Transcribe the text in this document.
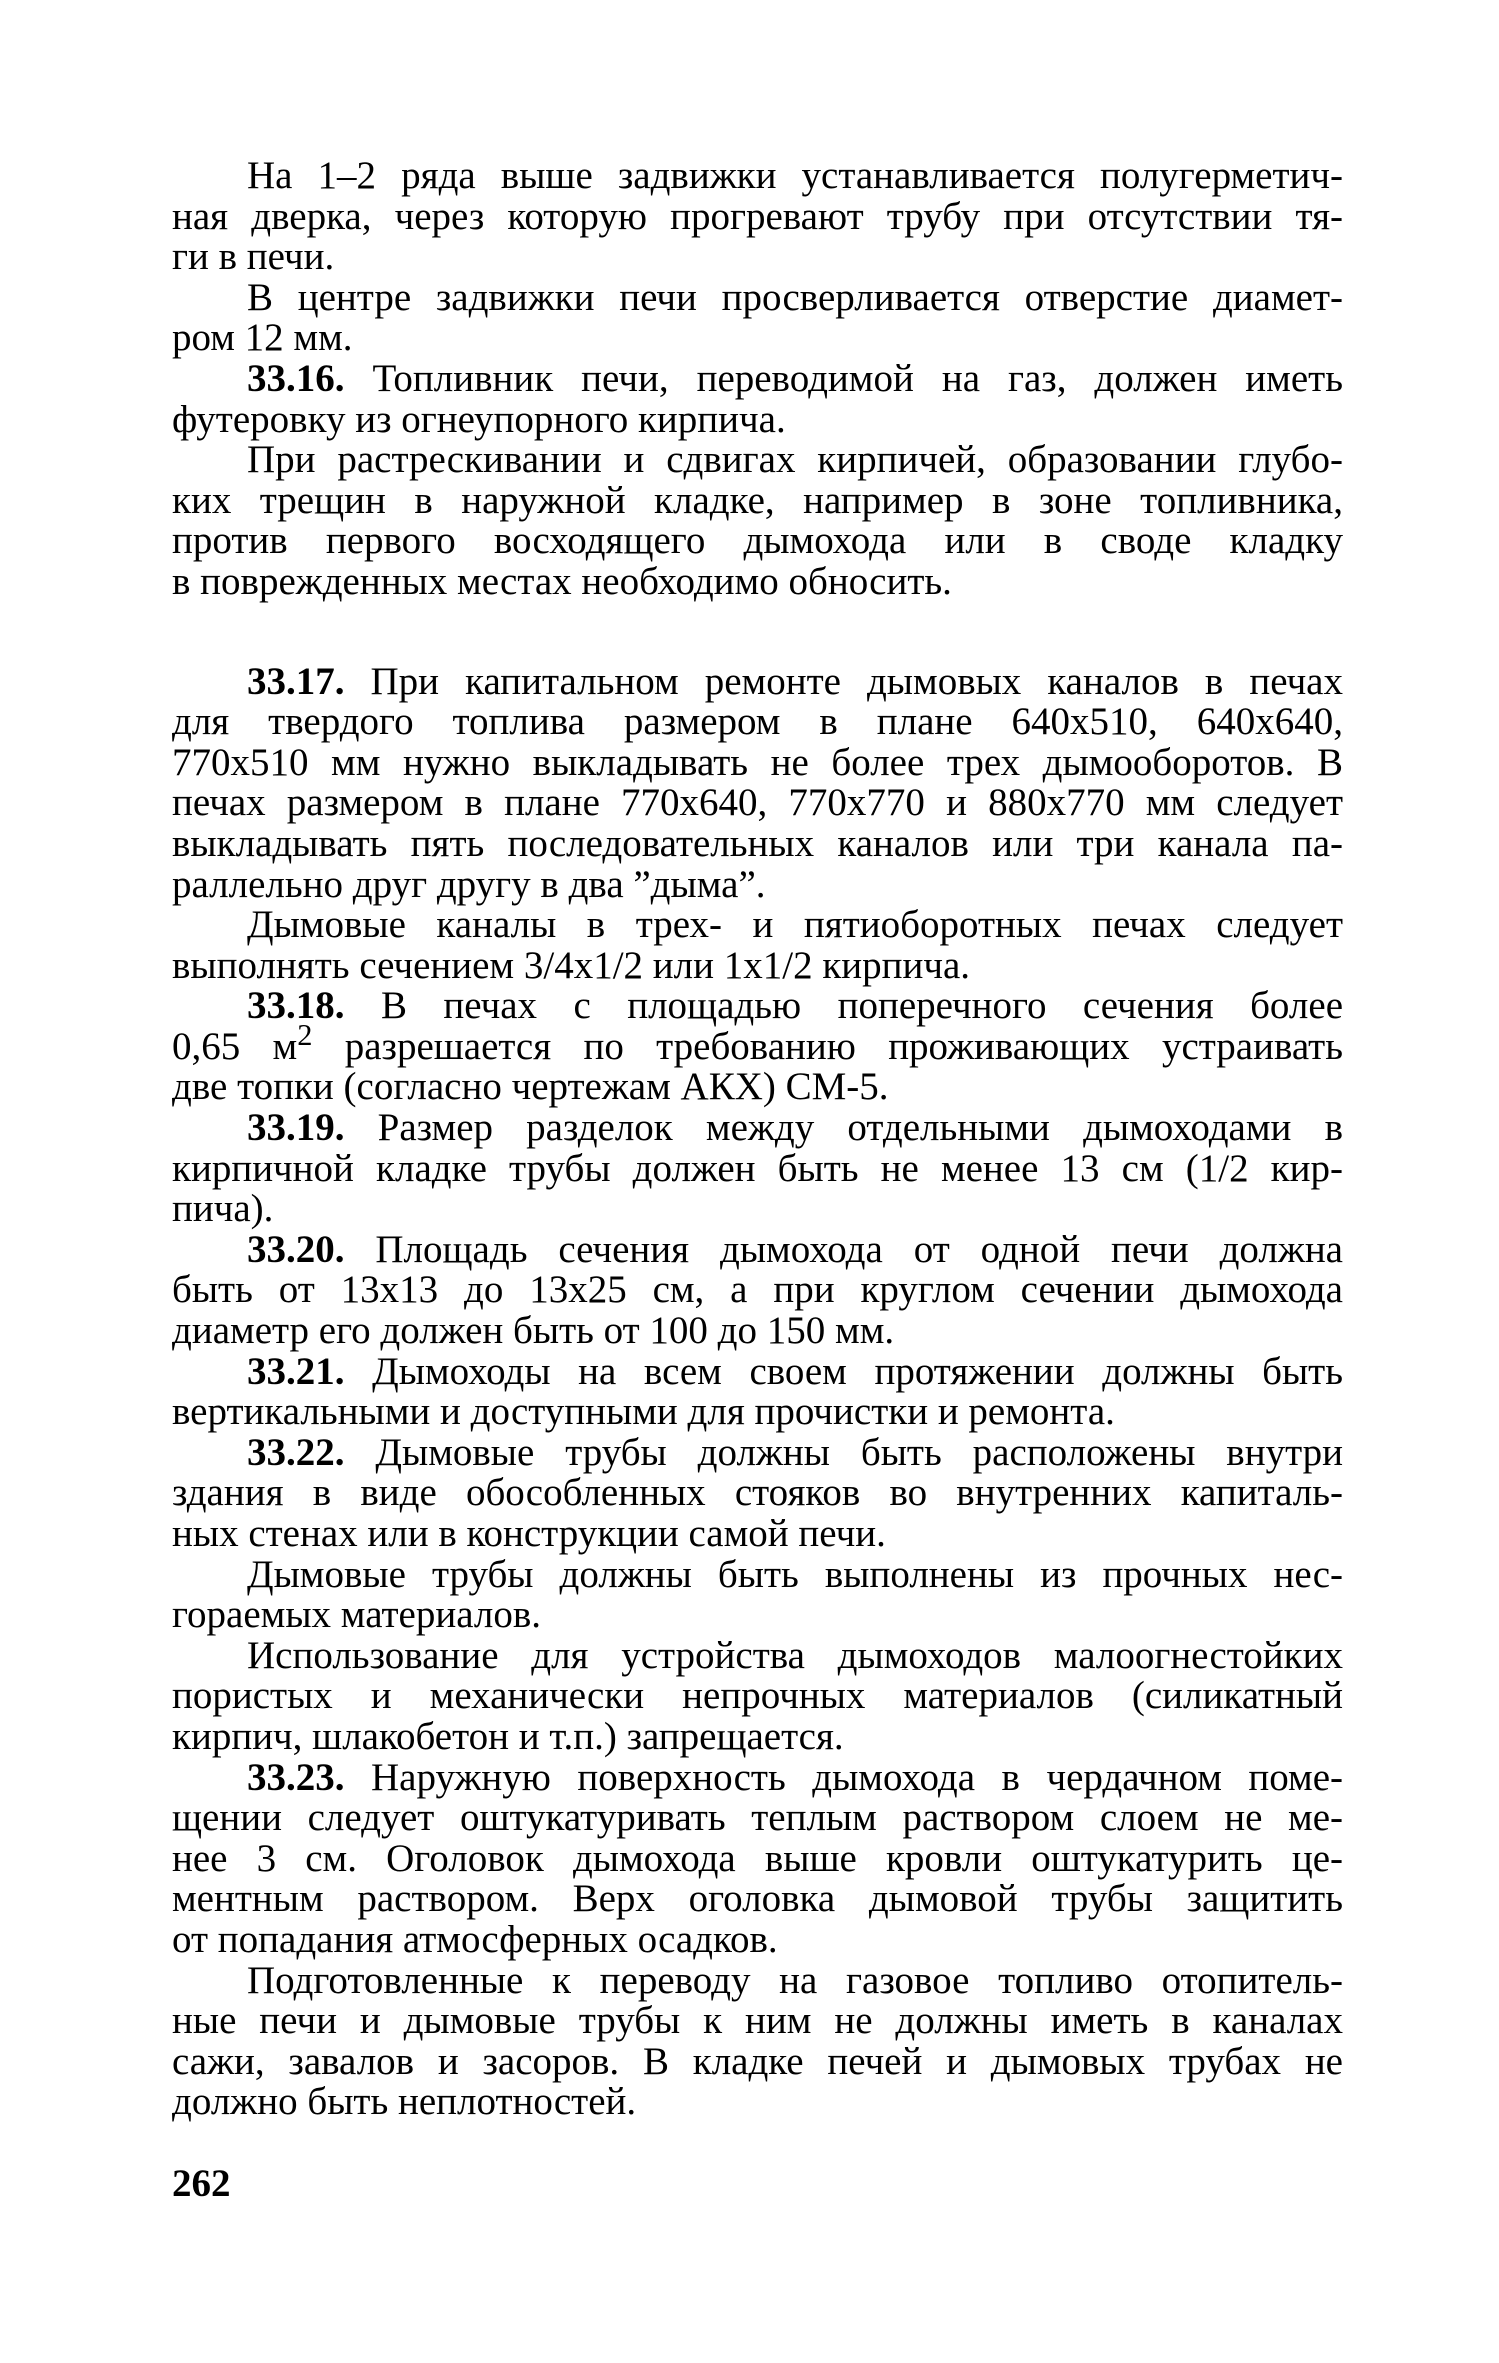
На 1–2 ряда выше задвижки устанавливается полугерметич-
ная дверка, через которую прогревают трубу при отсутствии тя-
ги в печи.
В центре задвижки печи просверливается отверстие диамет-
ром 12 мм.
33.16. Топливник печи, переводимой на газ, должен иметь
футеровку из огнеупорного кирпича.
При растрескивании и сдвигах кирпичей, образовании глубо-
ких трещин в наружной кладке, например в зоне топливника,
против первого восходящего дымохода или в своде кладку
в поврежденных местах необходимо обносить.
33.17. При капитальном ремонте дымовых каналов в печах
для твердого топлива размером в плане 640х510, 640х640,
770х510 мм нужно выкладывать не более трех дымооборотов. В
печах размером в плане 770х640, 770х770 и 880х770 мм следует
выкладывать пять последовательных каналов или три канала па-
раллельно друг другу в два ”дыма”.
Дымовые каналы в трех- и пятиоборотных печах следует
выполнять сечением 3/4х1/2 или 1х1/2 кирпича.
33.18. В печах с площадью поперечного сечения более
0,65 $м^2$ разрешается по требованию проживающих устраивать
две топки (согласно чертежам АКХ) СМ-5.
33.19. Размер разделок между отдельными дымоходами в
кирпичной кладке трубы должен быть не менее 13 см (1/2 кир-
пича).
33.20. Площадь сечения дымохода от одной печи должна
быть от 13х13 до 13х25 см, а при круглом сечении дымохода
диаметр его должен быть от 100 до 150 мм.
33.21. Дымоходы на всем своем протяжении должны быть
вертикальными и доступными для прочистки и ремонта.
33.22. Дымовые трубы должны быть расположены внутри
здания в виде обособленных стояков во внутренних капиталь-
ных стенах или в конструкции самой печи.
Дымовые трубы должны быть выполнены из прочных нес-
гораемых материалов.
Использование для устройства дымоходов малоогнестойких
пористых и механически непрочных материалов (силикатный
кирпич, шлакобетон и т.п.) запрещается.
33.23. Наружную поверхность дымохода в чердачном поме-
щении следует оштукатуривать теплым раствором слоем не ме-
нее 3 см. Оголовок дымохода выше кровли оштукатурить це-
ментным раствором. Верх оголовка дымовой трубы защитить
от попадания атмосферных осадков.
Подготовленные к переводу на газовое топливо отопитель-
ные печи и дымовые трубы к ним не должны иметь в каналах
сажи, завалов и засоров. В кладке печей и дымовых трубах не
должно быть неплотностей.
262
